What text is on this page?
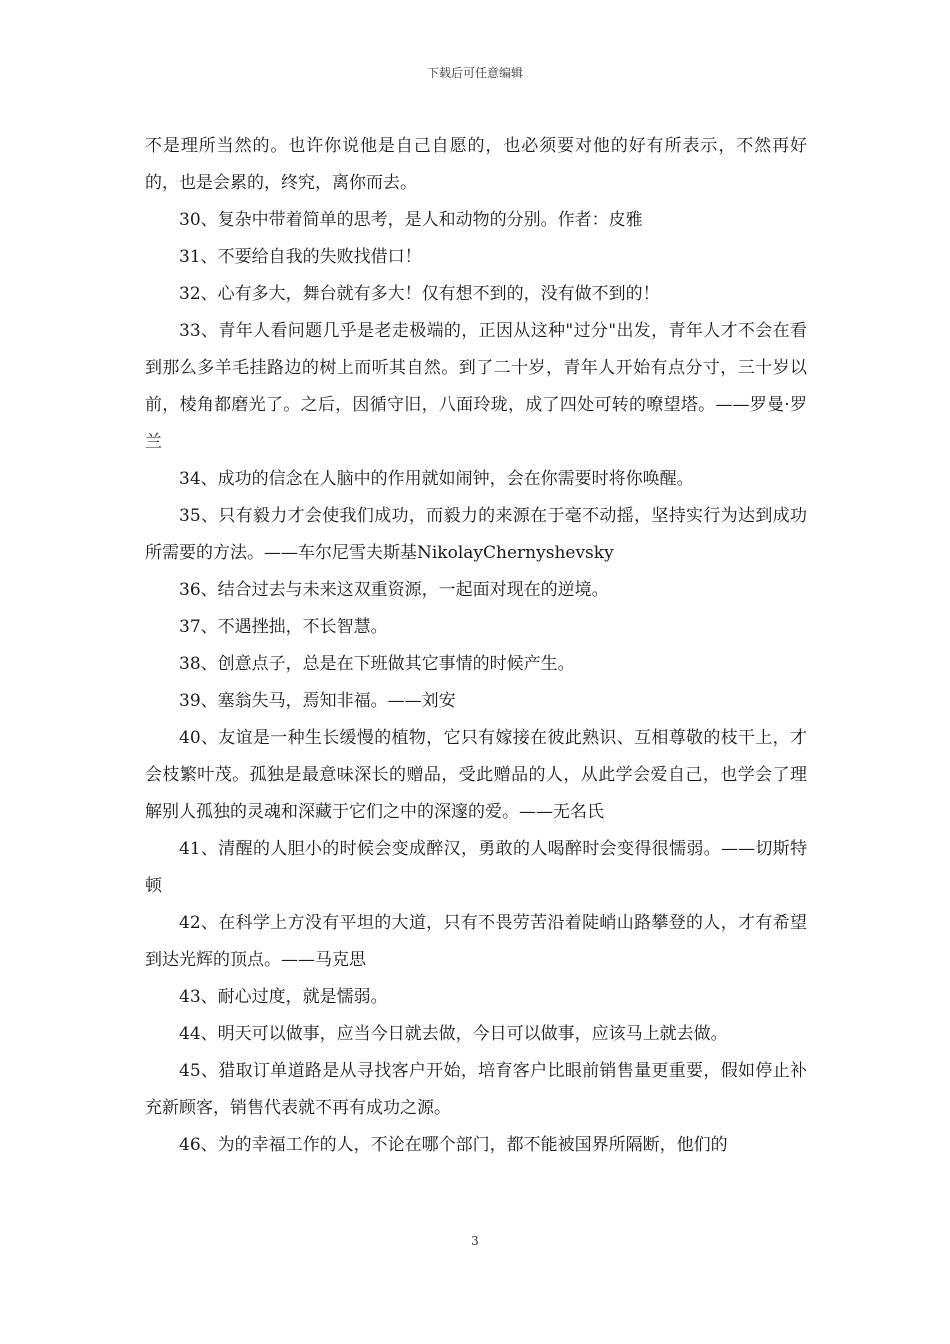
下载后可任意编辑

不是理所当然的。也许你说他是自己自愿的，也必须要对他的好有所表示，不然再好的，也是会累的，终究，离你而去。

30、复杂中带着简单的思考，是人和动物的分别。作者：皮雅

31、不要给自我的失败找借口！

32、心有多大，舞台就有多大！仅有想不到的，没有做不到的！

33、青年人看问题几乎是老走极端的，正因从这种"过分"出发，青年人才不会在看到那么多羊毛挂路边的树上而听其自然。到了二十岁，青年人开始有点分寸，三十岁以前，棱角都磨光了。之后，因循守旧，八面玲珑，成了四处可转的嘹望塔。——罗曼·罗兰

34、成功的信念在人脑中的作用就如闹钟，会在你需要时将你唤醒。

35、只有毅力才会使我们成功，而毅力的来源在于毫不动摇，坚持实行为达到成功所需要的方法。——车尔尼雪夫斯基NikolayChernyshevsky

36、结合过去与未来这双重资源，一起面对现在的逆境。

37、不遇挫拙，不长智慧。

38、创意点子，总是在下班做其它事情的时候产生。

39、塞翁失马，焉知非福。——刘安

40、友谊是一种生长缓慢的植物，它只有嫁接在彼此熟识、互相尊敬的枝干上，才会枝繁叶茂。孤独是最意味深长的赠品，受此赠品的人，从此学会爱自己，也学会了理解别人孤独的灵魂和深藏于它们之中的深邃的爱。——无名氏

41、清醒的人胆小的时候会变成醉汉，勇敢的人喝醉时会变得很懦弱。——切斯特顿

42、在科学上方没有平坦的大道，只有不畏劳苦沿着陡峭山路攀登的人，才有希望到达光辉的顶点。——马克思

43、耐心过度，就是懦弱。

44、明天可以做事，应当今日就去做，今日可以做事，应该马上就去做。

45、猎取订单道路是从寻找客户开始，培育客户比眼前销售量更重要，假如停止补充新顾客，销售代表就不再有成功之源。

46、为的幸福工作的人，不论在哪个部门，都不能被国界所隔断，他们的

3
